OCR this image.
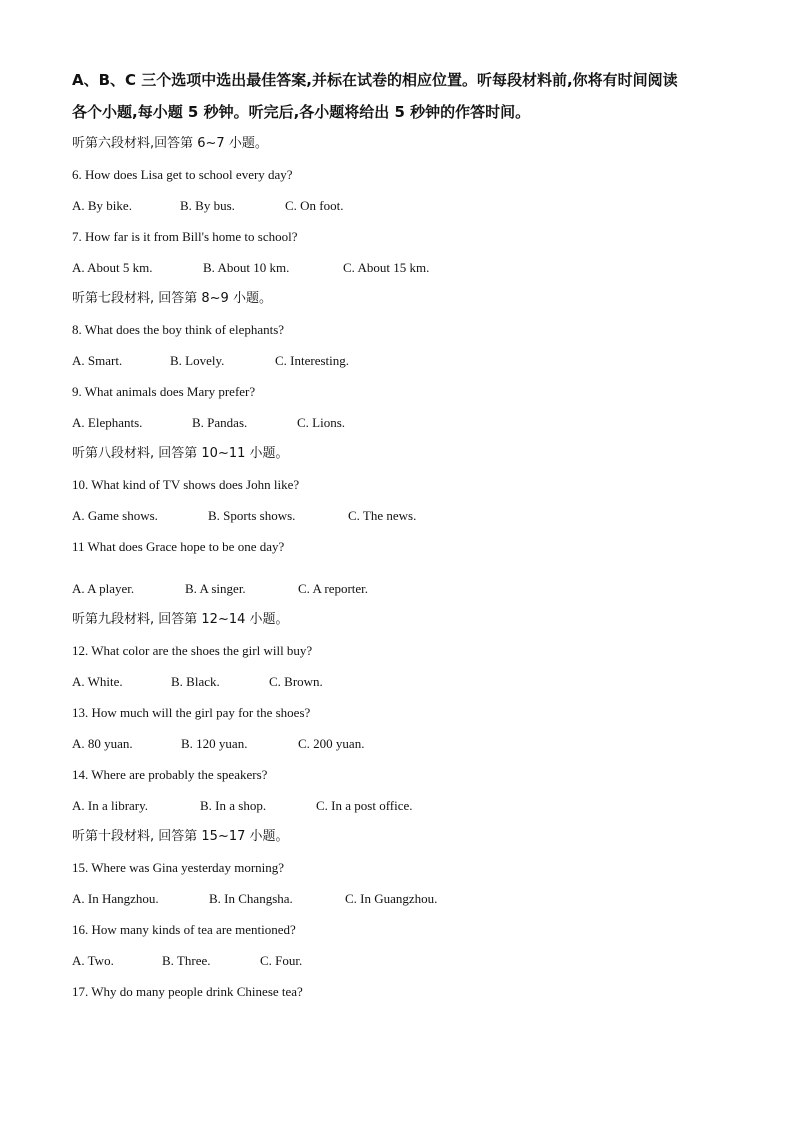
A、B、C 三个选项中选出最佳答案,并标在试卷的相应位置。听每段材料前,你将有时间阅读

各个小题,每小题 5 秒钟。听完后,各小题将给出 5 秒钟的作答时间。

听第六段材料,回答第 6~7 小题。
6. How does Lisa get to school every day?
A. By bike.	B. By bus.	C. On foot.
7. How far is it from Bill's home to school?
A. About 5 km.	B. About 10 km.	C. About 15 km.
听第七段材料, 回答第 8~9 小题。
8. What does the boy think of elephants?
A. Smart.	B. Lovely.	C. Interesting.
9. What animals does Mary prefer?
A. Elephants.	B. Pandas.	C. Lions.
听第八段材料, 回答第 10~11 小题。
10. What kind of TV shows does John like?
A. Game shows.	B. Sports shows.	C. The news.
11 What does Grace hope to be one day?
A. A player.	B. A singer.	C. A reporter.
听第九段材料, 回答第 12~14 小题。
12. What color are the shoes the girl will buy?
A. White.	B. Black.	C. Brown.
13. How much will the girl pay for the shoes?
A. 80 yuan.	B. 120 yuan.	C. 200 yuan.
14. Where are probably the speakers?
A. In a library.	B. In a shop.	C. In a post office.
听第十段材料, 回答第 15~17 小题。
15. Where was Gina yesterday morning?
A. In Hangzhou.	B. In Changsha.	C. In Guangzhou.
16. How many kinds of tea are mentioned?
A. Two.	B. Three.	C. Four.
17. Why do many people drink Chinese tea?
